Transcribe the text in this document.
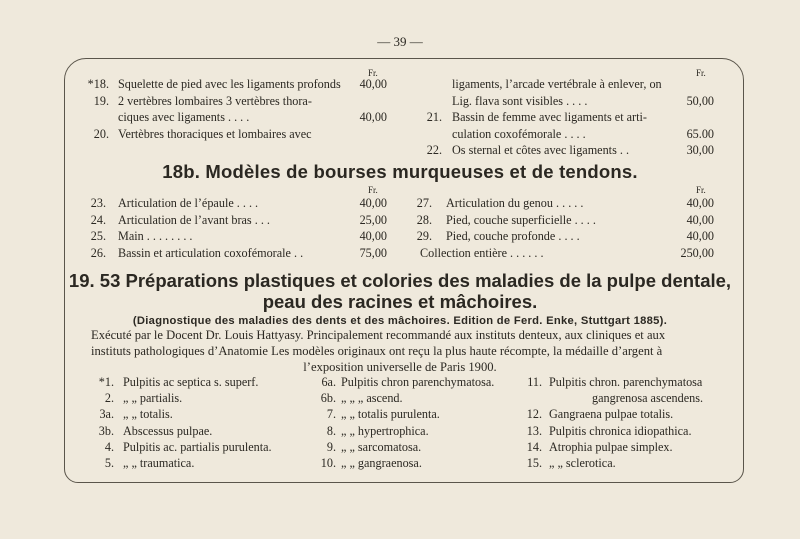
— 39 —
Fr.	Fr.
Fr.	Fr.
*18. Squelette de pied avec les ligaments profonds	40,00
19. 2 vertèbres lombaires 3 vertèbres thora-
ciques avec ligaments . . . .	40,00
20. Vertèbres thoraciques et lombaires avec
ligaments, l’arcade vertébrale à enlever, on
Lig. flava sont visibles . . . .	50,00
21. Bassin de femme avec ligaments et arti-
culation coxofémorale . . . .	65.00
22. Os sternal et côtes avec ligaments . .	30,00
18b. Modèles de bourses murqueuses et de tendons.
23. Articulation de l’épaule . . . .	40,00
24. Articulation de l’avant bras . . .	25,00
25. Main . . . . . . . .	40,00
26. Bassin et articulation coxofémorale . .	75,00
27. Articulation du genou . . . . .	40,00
28. Pied, couche superficielle . . . .	40,00
29. Pied, couche profonde . . . .	40,00
Collection entière . . . . . .	250,00
19. 53 Préparations plastiques et colories des maladies de la pulpe dentale,
peau des racines et mâchoires.
(Diagnostique des maladies des dents et des mâchoires. Edition de Ferd. Enke, Stuttgart 1885).
Exécuté par le Docent Dr. Louis Hattyasy. Principalement recommandé aux instituts denteux, aux cliniques et aux
instituts pathologiques d’Anatomie Les modèles originaux ont reçu la plus haute récompte, la médaille d’argent à
l’exposition universelle de Paris 1900.
*1. Pulpitis ac septica s. superf.
2. „ „ partialis.
3a. „ „ totalis.
3b. Abscessus pulpae.
4. Pulpitis ac. partialis purulenta.
5. „ „ traumatica.
6a. Pulpitis chron parenchymatosa.
6b. „ „ „ ascend.
7. „ „ totalis purulenta.
8. „ „ hypertrophica.
9. „ „ sarcomatosa.
10. „ „ gangraenosa.
11. Pulpitis chron. parenchymatosa
gangrenosa ascendens.
12. Gangraena pulpae totalis.
13. Pulpitis chronica idiopathica.
14. Atrophia pulpae simplex.
15. „ „ sclerotica.
